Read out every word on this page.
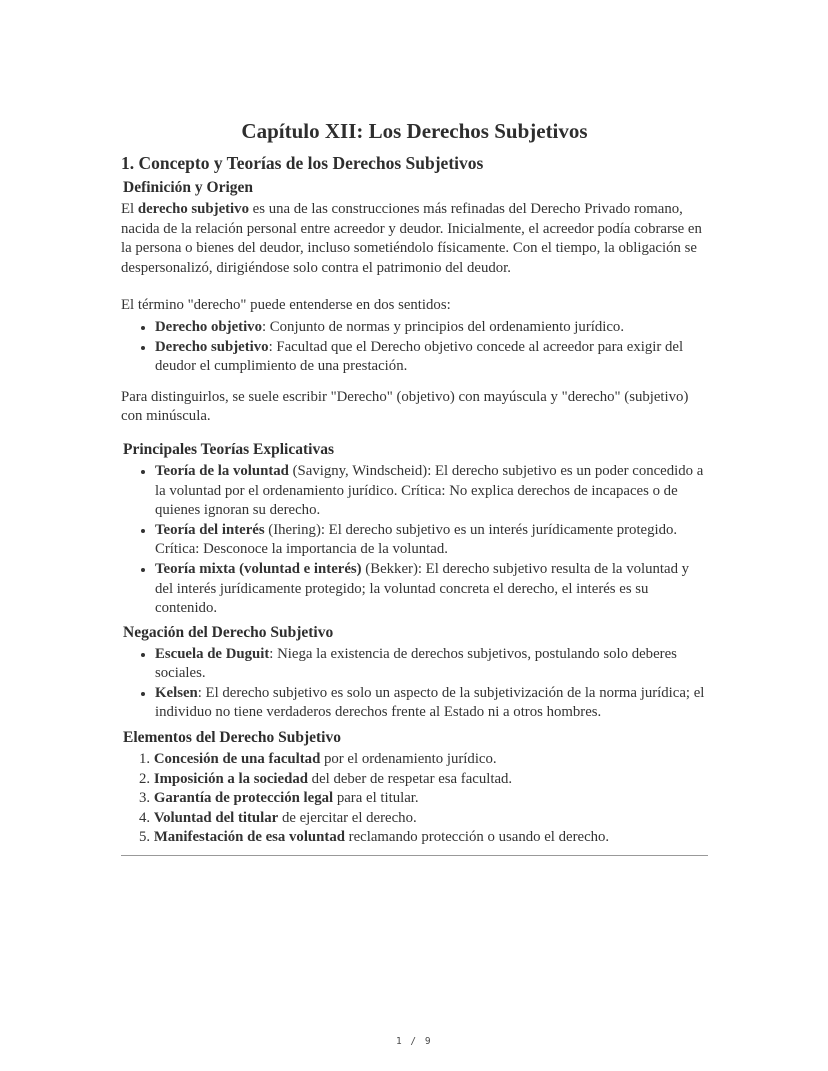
Capítulo XII: Los Derechos Subjetivos
1. Concepto y Teorías de los Derechos Subjetivos
Definición y Origen

El derecho subjetivo es una de las construcciones más refinadas del Derecho Privado romano, nacida de la relación personal entre acreedor y deudor. Inicialmente, el acreedor podía cobrarse en la persona o bienes del deudor, incluso sometiéndolo físicamente. Con el tiempo, la obligación se despersonalizó, dirigiéndose solo contra el patrimonio del deudor.

El término "derecho" puede entenderse en dos sentidos:

• Derecho objetivo: Conjunto de normas y principios del ordenamiento jurídico.
• Derecho subjetivo: Facultad que el Derecho objetivo concede al acreedor para exigir del deudor el cumplimiento de una prestación.

Para distinguirlos, se suele escribir "Derecho" (objetivo) con mayúscula y "derecho" (subjetivo) con minúscula.

Principales Teorías Explicativas
• Teoría de la voluntad (Savigny, Windscheid): El derecho subjetivo es un poder concedido a la voluntad por el ordenamiento jurídico. Crítica: No explica derechos de incapaces o de quienes ignoran su derecho.
• Teoría del interés (Ihering): El derecho subjetivo es un interés jurídicamente protegido. Crítica: Desconoce la importancia de la voluntad.
• Teoría mixta (voluntad e interés) (Bekker): El derecho subjetivo resulta de la voluntad y del interés jurídicamente protegido; la voluntad concreta el derecho, el interés es su contenido.
Negación del Derecho Subjetivo
• Escuela de Duguit: Niega la existencia de derechos subjetivos, postulando solo deberes sociales.
• Kelsen: El derecho subjetivo es solo un aspecto de la subjetivización de la norma jurídica; el individuo no tiene verdaderos derechos frente al Estado ni a otros hombres.
Elementos del Derecho Subjetivo
1. Concesión de una facultad por el ordenamiento jurídico.
2. Imposición a la sociedad del deber de respetar esa facultad.
3. Garantía de protección legal para el titular.
4. Voluntad del titular de ejercitar el derecho.
5. Manifestación de esa voluntad reclamando protección o usando el derecho.
1 / 9
